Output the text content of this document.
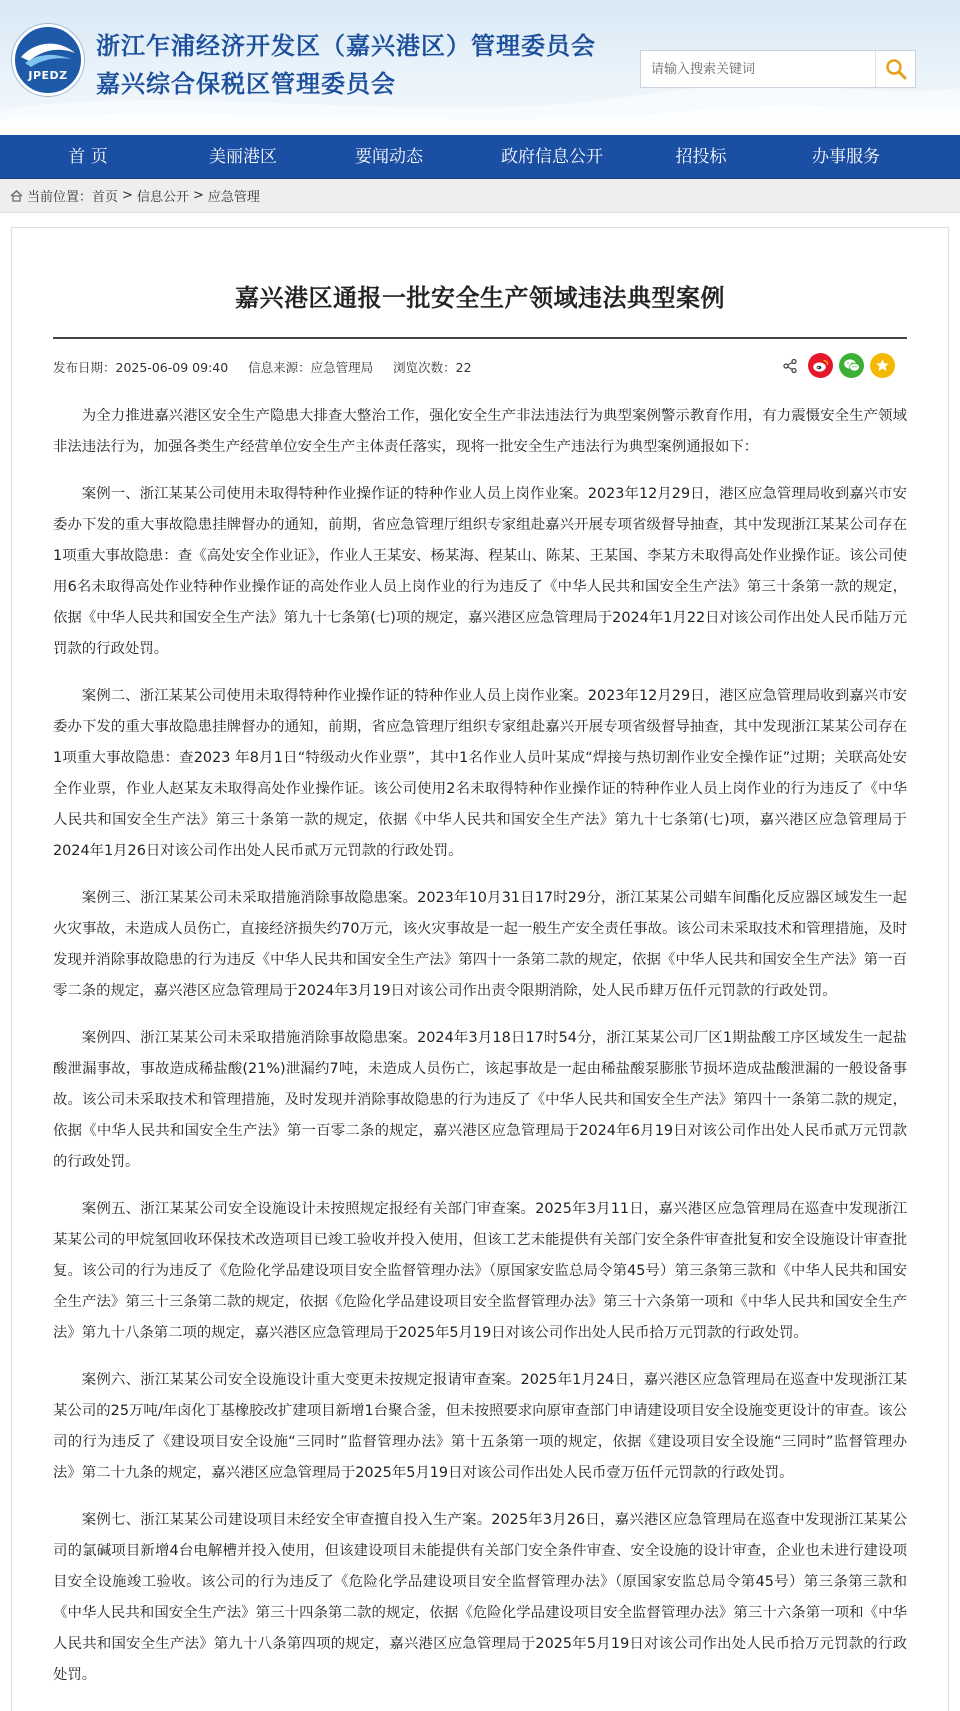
JPEDZ
浙江乍浦经济开发区（嘉兴港区）管理委员会
嘉兴综合保税区管理委员会
请输入搜索关键词
首 页	美丽港区	要闻动态	政府信息公开	招投标	办事服务
当前位置： 首页 > 信息公开 > 应急管理
嘉兴港区通报一批安全生产领域违法典型案例
发布日期：2025-06-09 09:40 信息来源：应急管理局 浏览次数：22

为全力推进嘉兴港区安全生产隐患大排查大整治工作，强化安全生产非法违法行为典型案例警示教育作用，有力震慑安全生产领域非法违法行为，加强各类生产经营单位安全生产主体责任落实，现将一批安全生产违法行为典型案例通报如下：

案例一、浙江某某公司使用未取得特种作业操作证的特种作业人员上岗作业案。2023年12月29日，港区应急管理局收到嘉兴市安委办下发的重大事故隐患挂牌督办的通知，前期，省应急管理厅组织专家组赴嘉兴开展专项省级督导抽查，其中发现浙江某某公司存在1项重大事故隐患：查《高处安全作业证》，作业人王某安、杨某海、程某山、陈某、王某国、李某方未取得高处作业操作证。该公司使用6名未取得高处作业特种作业操作证的高处作业人员上岗作业的行为违反了《中华人民共和国安全生产法》第三十条第一款的规定，依据《中华人民共和国安全生产法》第九十七条第(七)项的规定，嘉兴港区应急管理局于2024年1月22日对该公司作出处人民币陆万元罚款的行政处罚。

案例二、浙江某某公司使用未取得特种作业操作证的特种作业人员上岗作业案。2023年12月29日，港区应急管理局收到嘉兴市安委办下发的重大事故隐患挂牌督办的通知，前期，省应急管理厅组织专家组赴嘉兴开展专项省级督导抽查，其中发现浙江某某公司存在1项重大事故隐患：查2023 年8月1日“特级动火作业票”，其中1名作业人员叶某成“焊接与热切割作业安全操作证”过期；关联高处安全作业票，作业人赵某友未取得高处作业操作证。该公司使用2名未取得特种作业操作证的特种作业人员上岗作业的行为违反了《中华人民共和国安全生产法》第三十条第一款的规定，依据《中华人民共和国安全生产法》第九十七条第(七)项，嘉兴港区应急管理局于2024年1月26日对该公司作出处人民币贰万元罚款的行政处罚。

案例三、浙江某某公司未采取措施消除事故隐患案。2023年10月31日17时29分，浙江某某公司蜡车间酯化反应器区域发生一起火灾事故，未造成人员伤亡，直接经济损失约70万元，该火灾事故是一起一般生产安全责任事故。该公司未采取技术和管理措施，及时发现并消除事故隐患的行为违反《中华人民共和国安全生产法》第四十一条第二款的规定，依据《中华人民共和国安全生产法》第一百零二条的规定，嘉兴港区应急管理局于2024年3月19日对该公司作出责令限期消除，处人民币肆万伍仟元罚款的行政处罚。

案例四、浙江某某公司未采取措施消除事故隐患案。2024年3月18日17时54分，浙江某某公司厂区1期盐酸工序区域发生一起盐酸泄漏事故，事故造成稀盐酸(21%)泄漏约7吨，未造成人员伤亡，该起事故是一起由稀盐酸泵膨胀节损坏造成盐酸泄漏的一般设备事故。该公司未采取技术和管理措施，及时发现并消除事故隐患的行为违反了《中华人民共和国安全生产法》第四十一条第二款的规定，依据《中华人民共和国安全生产法》第一百零二条的规定，嘉兴港区应急管理局于2024年6月19日对该公司作出处人民币贰万元罚款的行政处罚。

案例五、浙江某某公司安全设施设计未按照规定报经有关部门审查案。2025年3月11日，嘉兴港区应急管理局在巡查中发现浙江某某公司的甲烷氢回收环保技术改造项目已竣工验收并投入使用，但该工艺未能提供有关部门安全条件审查批复和安全设施设计审查批复。该公司的行为违反了《危险化学品建设项目安全监督管理办法》（原国家安监总局令第45号）第三条第三款和《中华人民共和国安全生产法》第三十三条第二款的规定，依据《危险化学品建设项目安全监督管理办法》第三十六条第一项和《中华人民共和国安全生产法》第九十八条第二项的规定，嘉兴港区应急管理局于2025年5月19日对该公司作出处人民币拾万元罚款的行政处罚。

案例六、浙江某某公司安全设施设计重大变更未按规定报请审查案。2025年1月24日，嘉兴港区应急管理局在巡查中发现浙江某某公司的25万吨/年卤化丁基橡胶改扩建项目新增1台聚合釜，但未按照要求向原审查部门申请建设项目安全设施变更设计的审查。该公司的行为违反了《建设项目安全设施“三同时”监督管理办法》第十五条第一项的规定，依据《建设项目安全设施“三同时”监督管理办法》第二十九条的规定，嘉兴港区应急管理局于2025年5月19日对该公司作出处人民币壹万伍仟元罚款的行政处罚。

案例七、浙江某某公司建设项目未经安全审查擅自投入生产案。2025年3月26日，嘉兴港区应急管理局在巡查中发现浙江某某公司的氯碱项目新增4台电解槽并投入使用，但该建设项目未能提供有关部门安全条件审查、安全设施的设计审查，企业也未进行建设项目安全设施竣工验收。该公司的行为违反了《危险化学品建设项目安全监督管理办法》（原国家安监总局令第45号）第三条第三款和《中华人民共和国安全生产法》第三十四条第二款的规定，依据《危险化学品建设项目安全监督管理办法》第三十六条第一项和《中华人民共和国安全生产法》第九十八条第四项的规定，嘉兴港区应急管理局于2025年5月19日对该公司作出处人民币拾万元罚款的行政处罚。
